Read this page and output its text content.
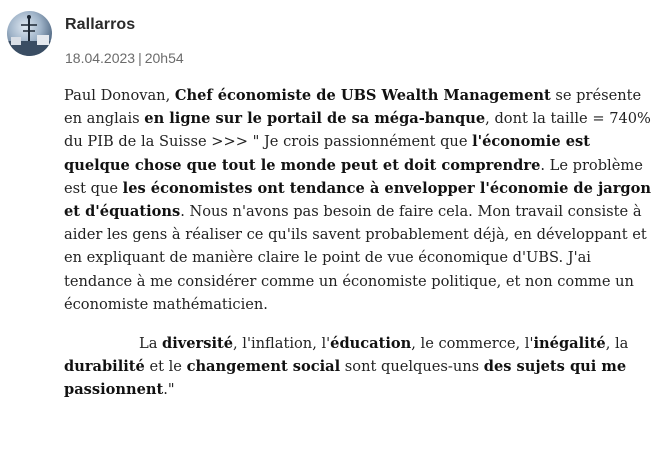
Rallarros
18.04.2023 | 20h54

Paul Donovan, Chef économiste de UBS Wealth Management se présente en anglais en ligne sur le portail de sa méga-banque, dont la taille = 740% du PIB de la Suisse >>> " Je crois passionnément que l'économie est quelque chose que tout le monde peut et doit comprendre. Le problème est que les économistes ont tendance à envelopper l'économie de jargon et d'équations. Nous n'avons pas besoin de faire cela. Mon travail consiste à aider les gens à réaliser ce qu'ils savent probablement déjà, en développant et en expliquant de manière claire le point de vue économique d'UBS. J'ai tendance à me considérer comme un économiste politique, et non comme un économiste mathématicien.

La diversité, l'inflation, l'éducation, le commerce, l'inégalité, la durabilité et le changement social sont quelques-uns des sujets qui me passionnent."
